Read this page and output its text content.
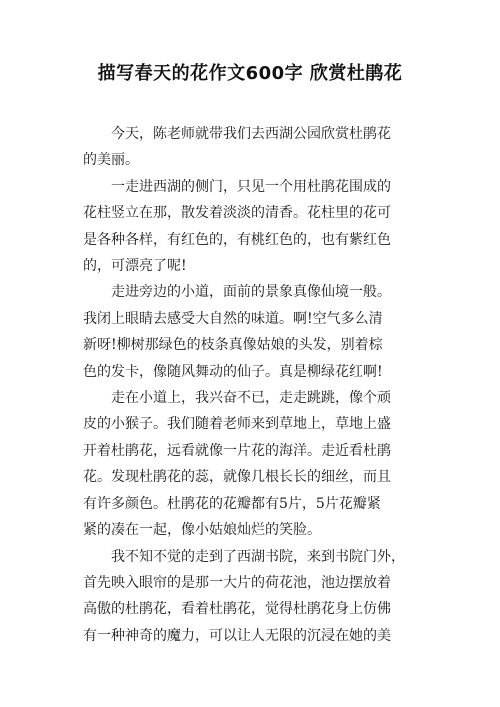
描写春天的花作文600字 欣赏杜鹃花

今天，陈老师就带我们去西湖公园欣赏杜鹃花
的美丽。

一走进西湖的侧门，只见一个用杜鹃花围成的
花柱竖立在那，散发着淡淡的清香。花柱里的花可
是各种各样，有红色的，有桃红色的，也有紫红色
的，可漂亮了呢!

走进旁边的小道，面前的景象真像仙境一般。
我闭上眼睛去感受大自然的味道。啊!空气多么清
新呀!柳树那绿色的枝条真像姑娘的头发，别着棕
色的发卡，像随风舞动的仙子。真是柳绿花红啊!

走在小道上，我兴奋不已，走走跳跳，像个顽
皮的小猴子。我们随着老师来到草地上，草地上盛
开着杜鹃花，远看就像一片花的海洋。走近看杜鹃
花。发现杜鹃花的蕊，就像几根长长的细丝，而且
有许多颜色。杜鹃花的花瓣都有5片，5片花瓣紧
紧的凑在一起，像小姑娘灿烂的笑脸。

我不知不觉的走到了西湖书院，来到书院门外，
首先映入眼帘的是那一大片的荷花池，池边摆放着
高傲的杜鹃花，看着杜鹃花，觉得杜鹃花身上仿佛
有一种神奇的魔力，可以让人无限的沉浸在她的美
